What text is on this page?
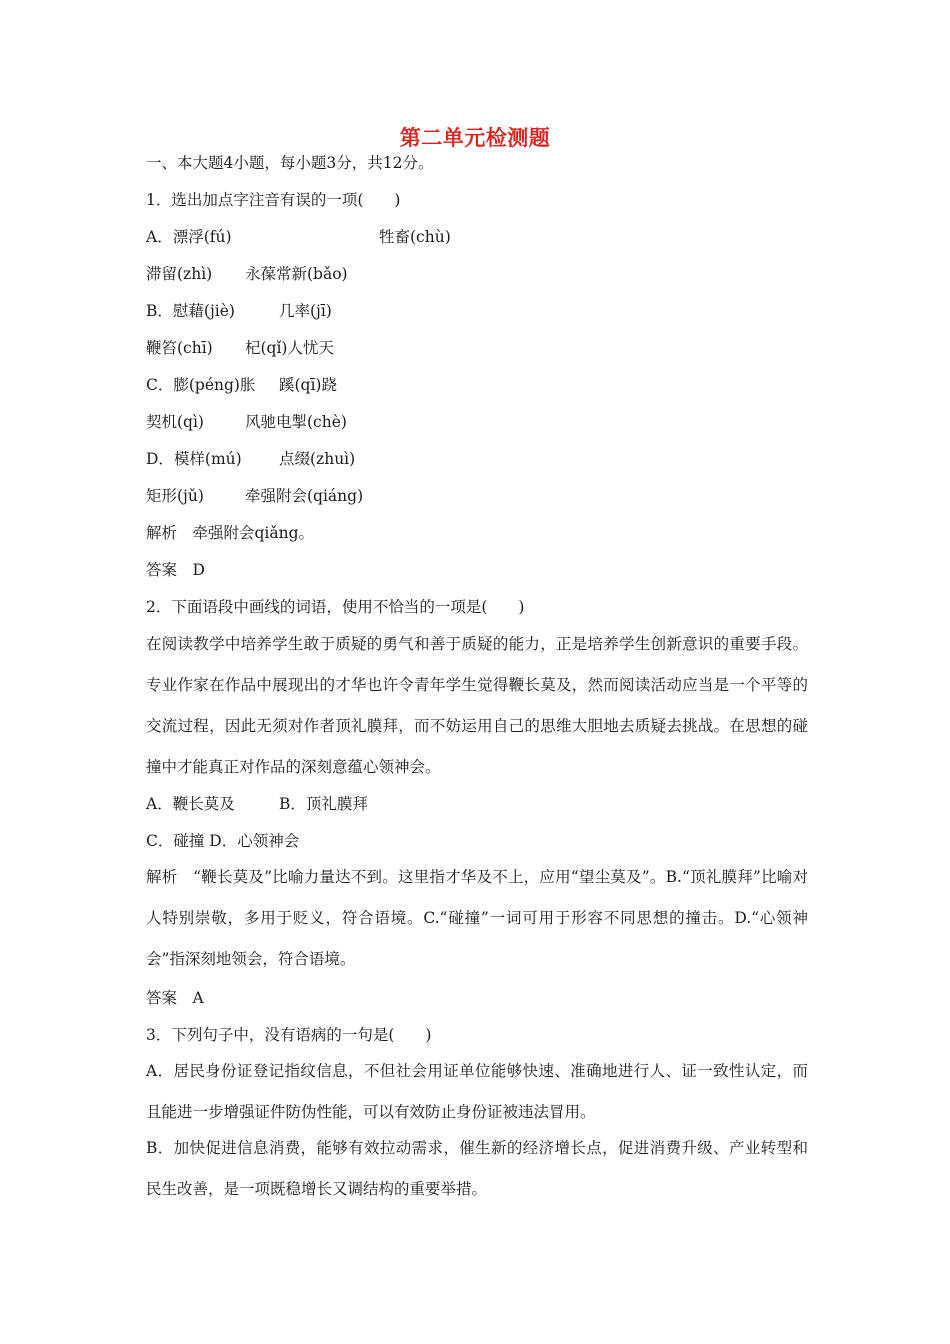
第二单元检测题
一、本大题4小题，每小题3分，共12分。
1．选出加点字注音有误的一项(　　)
A．漂浮(fú)	牲畜(chù)
滞留(zhì) 永葆常新(bǎo)
B．慰藉(jiè)	几率(jī)
鞭笞(chī) 杞(qǐ)人忧天
C．膨(péng)胀 蹊(qī)跷
契机(qì)	风驰电掣(chè)
D．模样(mú) 点缀(zhuì)
矩形(jǔ)	牵强附会(qiáng)
解析　牵强附会qiǎng。
答案　D
2．下面语段中画线的词语，使用不恰当的一项是(　　)
在阅读教学中培养学生敢于质疑的勇气和善于质疑的能力，正是培养学生创新意识的重要手段。专业作家在作品中展现出的才华也许令青年学生觉得鞭长莫及，然而阅读活动应当是一个平等的交流过程，因此无须对作者顶礼膜拜，而不妨运用自己的思维大胆地去质疑去挑战。在思想的碰撞中才能真正对作品的深刻意蕴心领神会。
A．鞭长莫及	B．顶礼膜拜
C．碰撞 D．心领神会
解析　“鞭长莫及”比喻力量达不到。这里指才华及不上，应用“望尘莫及”。B.“顶礼膜拜”比喻对人特别崇敬，多用于贬义，符合语境。C.“碰撞”一词可用于形容不同思想的撞击。D.“心领神会”指深刻地领会，符合语境。
答案　A
3．下列句子中，没有语病的一句是(　　)
A．居民身份证登记指纹信息，不但社会用证单位能够快速、准确地进行人、证一致性认定，而且能进一步增强证件防伪性能，可以有效防止身份证被违法冒用。
B．加快促进信息消费，能够有效拉动需求，催生新的经济增长点，促进消费升级、产业转型和民生改善，是一项既稳增长又调结构的重要举措。
